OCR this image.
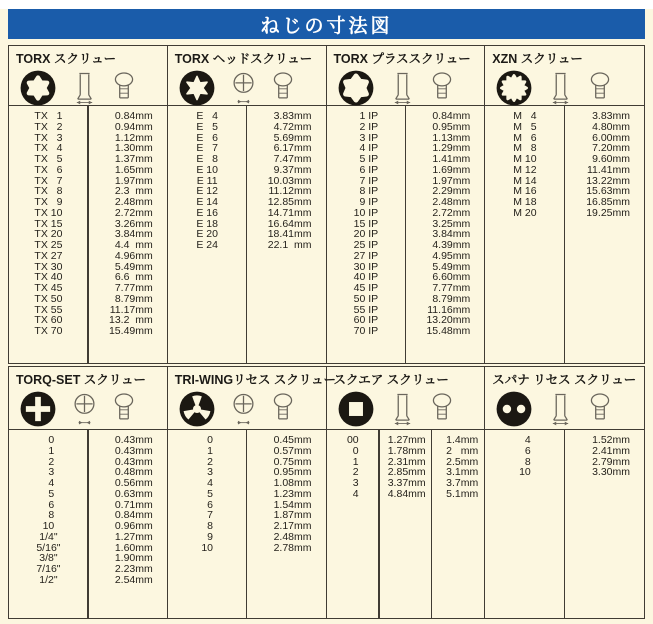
ねじの寸法図
TORX スクリュー
TX   1	0.84mm
TX   2	0.94mm
TX   3	1.12mm
TX   4	1.30mm
TX   5	1.37mm
TX   6	1.65mm
TX   7	1.97mm
TX   8	2.3  mm
TX   9	2.48mm
TX 10	2.72mm
TX 15	3.26mm
TX 20	3.84mm
TX 25	4.4  mm
TX 27	4.96mm
TX 30	5.49mm
TX 40	6.6  mm
TX 45	7.77mm
TX 50	8.79mm
TX 55	11.17mm
TX 60	13.2  mm
TX 70	15.49mm
TORX ヘッドスクリュー
E   4	3.83mm
E   5	4.72mm
E   6	5.69mm
E   7	6.17mm
E   8	7.47mm
E 10	9.37mm
E 11	10.03mm
E 12	11.12mm
E 14	12.85mm
E 16	14.71mm
E 18	16.64mm
E 20	18.41mm
E 24	22.1  mm
TORX プラススクリュー
1 IP	0.84mm
2 IP	0.95mm
3 IP	1.13mm
4 IP	1.29mm
5 IP	1.41mm
6 IP	1.69mm
7 IP	1.97mm
8 IP	2.29mm
9 IP	2.48mm
10 IP	2.72mm
15 IP	3.25mm
20 IP	3.84mm
25 IP	4.39mm
27 IP	4.95mm
30 IP	5.49mm
40 IP	6.60mm
45 IP	7.77mm
50 IP	8.79mm
55 IP	11.16mm
60 IP	13.20mm
70 IP	15.48mm
XZN スクリュー
M   4	3.83mm
M   5	4.80mm
M   6	6.00mm
M   8	7.20mm
M 10	9.60mm
M 12	11.41mm
M 14	13.22mm
M 16	15.63mm
M 18	16.85mm
M 20	19.25mm
TORQ-SET スクリュー
0	0.43mm
1	0.43mm
2	0.43mm
3	0.48mm
4	0.56mm
5	0.63mm
6	0.71mm
8	0.84mm
10	0.96mm
1/4"	1.27mm
5/16"	1.60mm
3/8"	1.90mm
7/16"	2.23mm
1/2"	2.54mm
TRI-WINGリセス スクリュー
0	0.45mm
1	0.57mm
2	0.75mm
3	0.95mm
4	1.08mm
5	1.23mm
6	1.54mm
7	1.87mm
8	2.17mm
9	2.48mm
10	2.78mm
スクエア スクリュー
00	1.27mm	1.4mm
0	1.78mm	2   mm
1	2.31mm	2.5mm
2	2.85mm	3.1mm
3	3.37mm	3.7mm
4	4.84mm	5.1mm
スパナ リセス スクリュー
4	1.52mm
6	2.41mm
8	2.79mm
10	3.30mm
